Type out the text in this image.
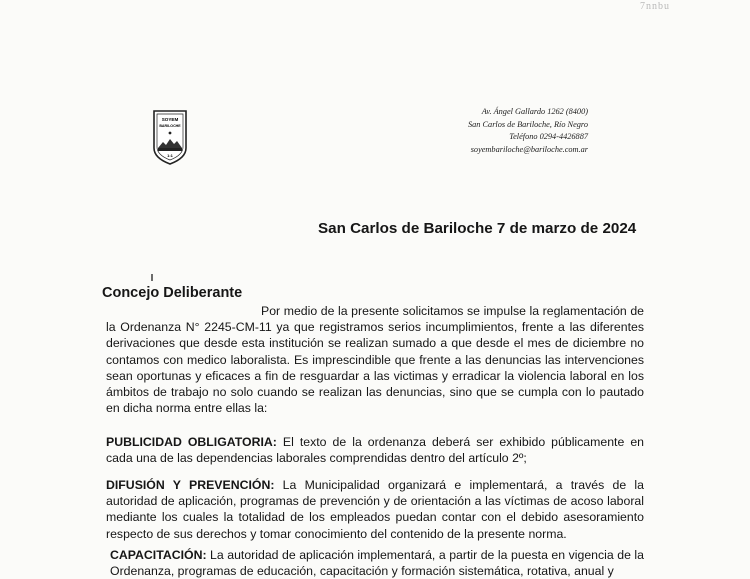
7nnbu
SOYEM
BARILOCHE
1:1
Av. Ángel Gallardo 1262 (8400)
San Carlos de Bariloche, Río Negro
Teléfono 0294-4426887
soyembariloche@bariloche.com.ar
San Carlos de Bariloche 7 de marzo de 2024
Concejo Deliberante
Por medio de la presente solicitamos se impulse la reglamentación de la Ordenanza N° 2245-CM-11 ya que registramos serios incumplimientos, frente a las diferentes derivaciones que desde esta institución se realizan sumado a que desde el mes de diciembre no contamos con medico laboralista. Es imprescindible que frente a las denuncias las intervenciones sean oportunas y eficaces a fin de resguardar a las victimas y erradicar la violencia laboral en los ámbitos de trabajo no solo cuando se realizan las denuncias, sino que se cumpla con lo pautado en dicha norma entre ellas la:
PUBLICIDAD OBLIGATORIA: El texto de la ordenanza deberá ser exhibido públicamente en cada una de las dependencias laborales comprendidas dentro del artículo 2º;
DIFUSIÓN Y PREVENCIÓN: La Municipalidad organizará e implementará, a través de la autoridad de aplicación, programas de prevención y de orientación a las víctimas de acoso laboral mediante los cuales la totalidad de los empleados puedan contar con el debido asesoramiento respecto de sus derechos y tomar conocimiento del contenido de la presente norma.
CAPACITACIÓN: La autoridad de aplicación implementará, a partir de la puesta en vigencia de la Ordenanza, programas de educación, capacitación y formación sistemática, rotativa, anual y
